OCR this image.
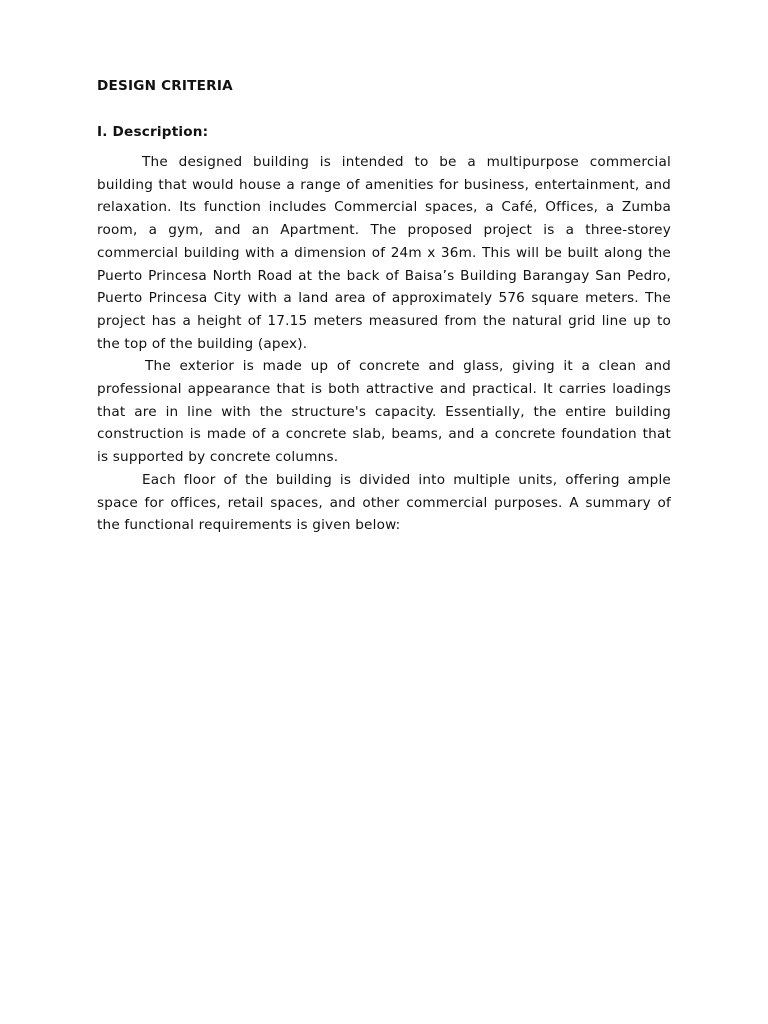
DESIGN CRITERIA
I. Description:

The designed building is intended to be a multipurpose commercial building that would house a range of amenities for business, entertainment, and relaxation. Its function includes Commercial spaces, a Café, Offices, a Zumba room, a gym, and an Apartment. The proposed project is a three-storey commercial building with a dimension of 24m x 36m. This will be built along the Puerto Princesa North Road at the back of Baisa’s Building Barangay San Pedro, Puerto Princesa City with a land area of approximately 576 square meters. The project has a height of 17.15 meters measured from the natural grid line up to the top of the building (apex).

The exterior is made up of concrete and glass, giving it a clean and professional appearance that is both attractive and practical. It carries loadings that are in line with the structure's capacity. Essentially, the entire building construction is made of a concrete slab, beams, and a concrete foundation that is supported by concrete columns.

Each floor of the building is divided into multiple units, offering ample space for offices, retail spaces, and other commercial purposes. A summary of the functional requirements is given below:
